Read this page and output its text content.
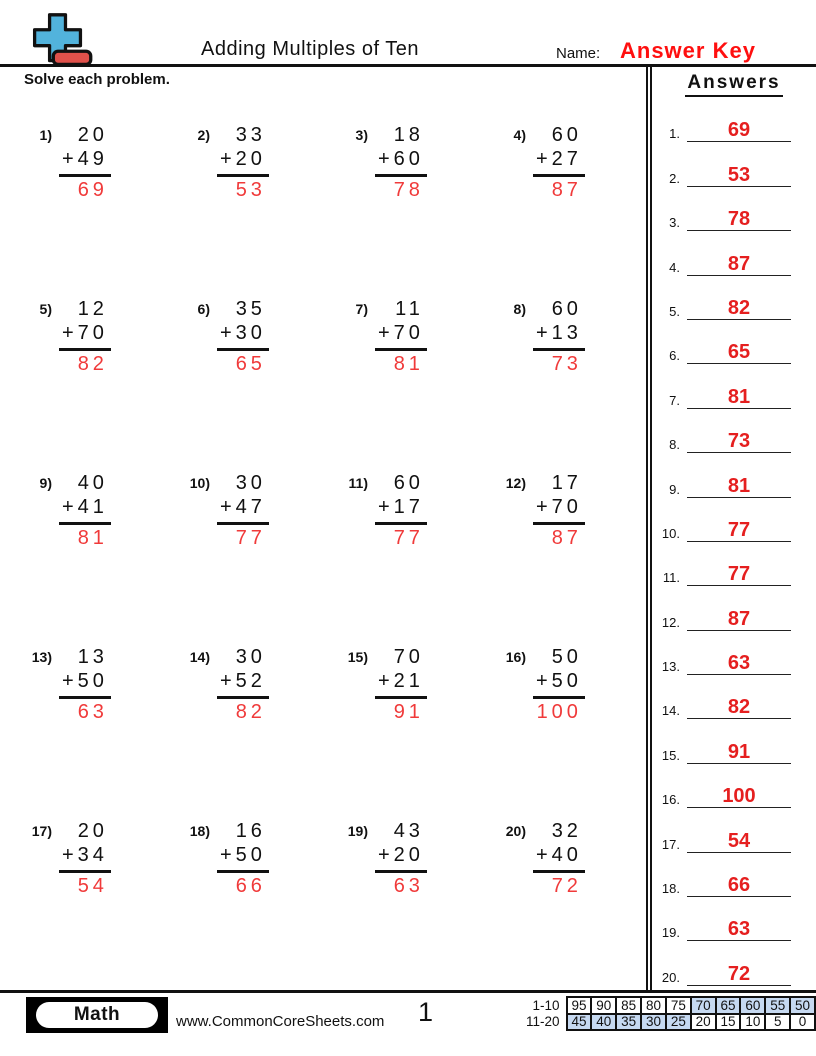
Adding Multiples of Ten	Name: Answer Key
Solve each problem.
1)	20
+49
69
2)	33
+20
53
3)	18
+60
78
4)	60
+27
87
5)	12
+70
82
6)	35
+30
65
7)	11
+70
81
8)	60
+13
73
9)	40
+41
81
10)	30
+47
77
11)	60
+17
77
12)	17
+70
87
13)	13
+50
63
14)	30
+52
82
15)	70
+21
91
16)	50
+50
100
17)	20
+34
54
18)	16
+50
66
19)	43
+20
63
20)	32
+40
72
Answers
1.	69
2.	53
3.	78
4.	87
5.	82
6.	65
7.	81
8.	73
9.	81
10.	77
11.	77
12.	87
13.	63
14.	82
15.	91
16.	100
17.	54
18.	66
19.	63
20.	72
Math	www.CommonCoreSheets.com 1	1-10	95	90	85	80	75	70	65	60	55	50
11-20	45	40	35	30	25	20	15	10	5	0
